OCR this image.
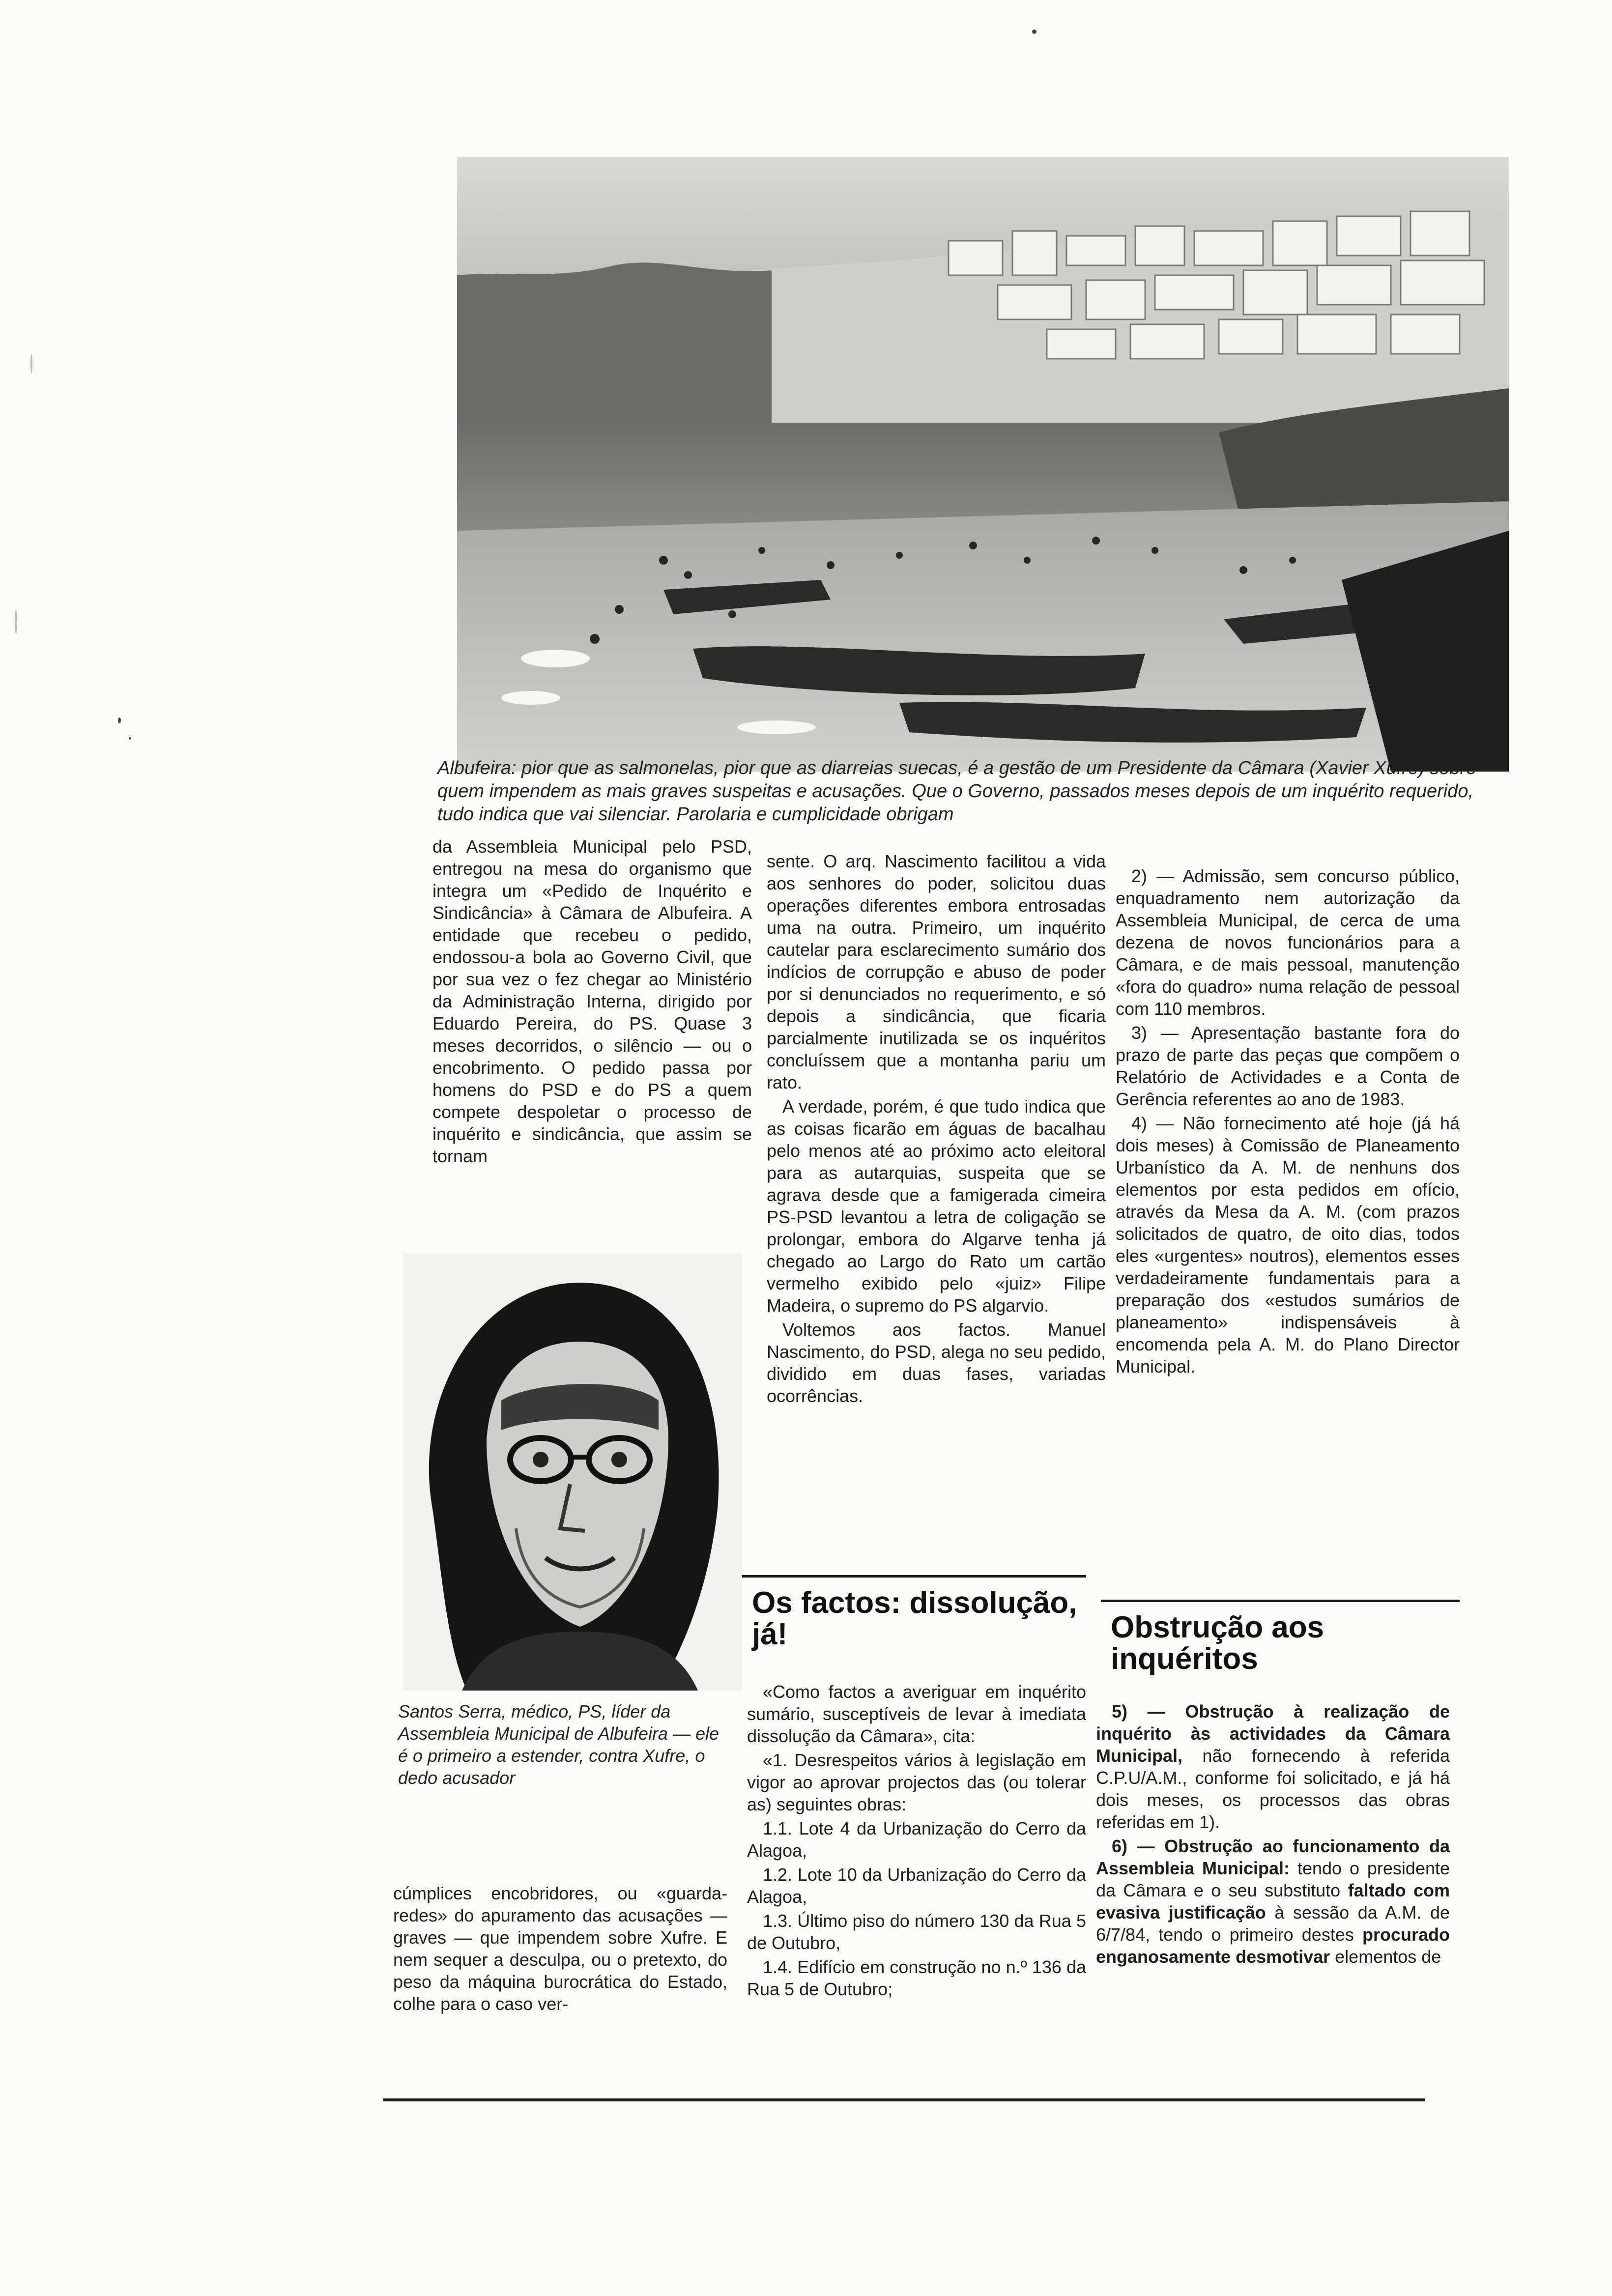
Albufeira: pior que as salmonelas, pior que as diarreias suecas, é a gestão de um Presidente da Câmara (Xavier Xufre) sobre quem impendem as mais graves suspeitas e acusações. Que o Governo, passados meses depois de um inquérito requerido, tudo indica que vai silenciar. Parolaria e cumplicidade obrigam

da Assembleia Municipal pelo PSD, entregou na mesa do organismo que integra um «Pedido de Inquérito e Sindicância» à Câmara de Albufeira. A entidade que recebeu o pedido, endossou-a bola ao Governo Civil, que por sua vez o fez chegar ao Ministério da Administração Interna, dirigido por Eduardo Pereira, do PS. Quase 3 meses decorridos, o silêncio — ou o encobrimento. O pedido passa por homens do PSD e do PS a quem compete despoletar o processo de inquérito e sindicância, que assim se tornam

sente. O arq. Nascimento facilitou a vida aos senhores do poder, solicitou duas operações diferentes embora entrosadas uma na outra. Primeiro, um inquérito cautelar para esclarecimento sumário dos indícios de corrupção e abuso de poder por si denunciados no requerimento, e só depois a sindicância, que ficaria parcialmente inutilizada se os inquéritos concluíssem que a montanha pariu um rato.

A verdade, porém, é que tudo indica que as coisas ficarão em águas de bacalhau pelo menos até ao próximo acto eleitoral para as autarquias, suspeita que se agrava desde que a famigerada cimeira PS-PSD levantou a letra de coligação se prolongar, embora do Algarve tenha já chegado ao Largo do Rato um cartão vermelho exibido pelo «juiz» Filipe Madeira, o supremo do PS algarvio.

Voltemos aos factos. Manuel Nascimento, do PSD, alega no seu pedido, dividido em duas fases, variadas ocorrências.

2) — Admissão, sem concurso público, enquadramento nem autorização da Assembleia Municipal, de cerca de uma dezena de novos funcionários para a Câmara, e de mais pessoal, manutenção «fora do quadro» numa relação de pessoal com 110 membros.

3) — Apresentação bastante fora do prazo de parte das peças que compõem o Relatório de Actividades e a Conta de Gerência referentes ao ano de 1983.

4) — Não fornecimento até hoje (já há dois meses) à Comissão de Planeamento Urbanístico da A. M. de nenhuns dos elementos por esta pedidos em ofício, através da Mesa da A. M. (com prazos solicitados de quatro, de oito dias, todos eles «urgentes» noutros), elementos esses verdadeiramente fundamentais para a preparação dos «estudos sumários de planeamento» indispensáveis à encomenda pela A. M. do Plano Director Municipal.

Santos Serra, médico, PS, líder da Assembleia Municipal de Albufeira — ele é o primeiro a estender, contra Xufre, o dedo acusador

cúmplices encobridores, ou «guarda-redes» do apuramento das acusações — graves — que impendem sobre Xufre. E nem sequer a desculpa, ou o pretexto, do peso da máquina burocrática do Estado, colhe para o caso ver-

Os factos: dissolução, já!

«Como factos a averiguar em inquérito sumário, susceptíveis de levar à imediata dissolução da Câmara», cita:

«1. Desrespeitos vários à legislação em vigor ao aprovar projectos das (ou tolerar as) seguintes obras:

1.1. Lote 4 da Urbanização do Cerro da Alagoa,

1.2. Lote 10 da Urbanização do Cerro da Alagoa,

1.3. Último piso do número 130 da Rua 5 de Outubro,

1.4. Edifício em construção no n.º 136 da Rua 5 de Outubro;

Obstrução aos inquéritos

5) — Obstrução à realização de inquérito às actividades da Câmara Municipal, não fornecendo à referida C.P.U/A.M., conforme foi solicitado, e já há dois meses, os processos das obras referidas em 1).

6) — Obstrução ao funcionamento da Assembleia Municipal: tendo o presidente da Câmara e o seu substituto faltado com evasiva justificação à sessão da A.M. de 6/7/84, tendo o primeiro destes procurado enganosamente desmotivar elementos de
